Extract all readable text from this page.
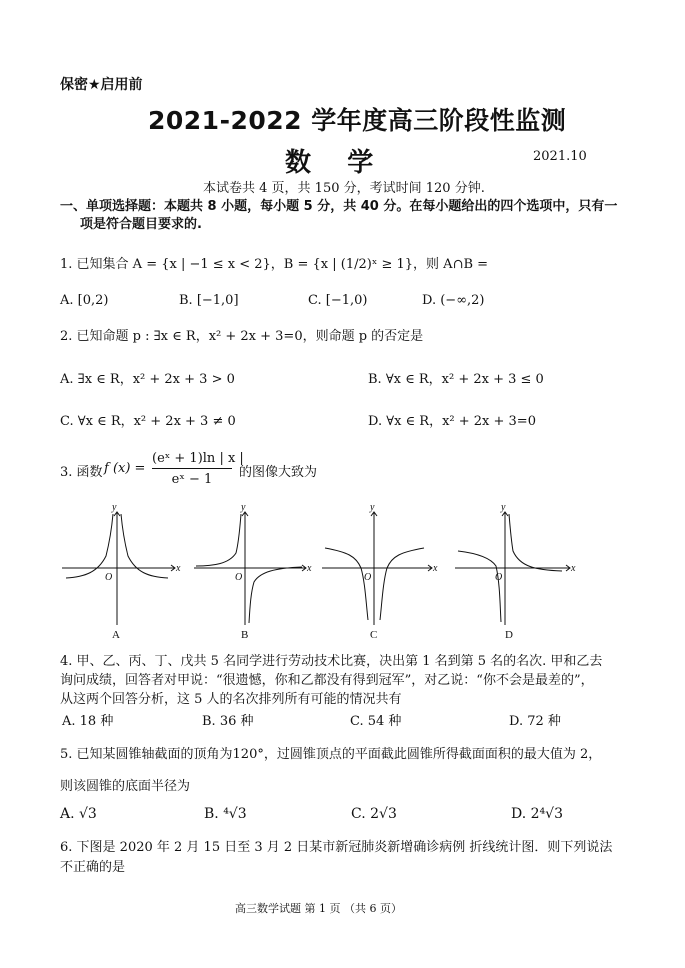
保密★启用前
2021-2022 学年度高三阶段性监测
数    学	2021.10
本试卷共 4 页，共 150 分，考试时间 120 分钟.
一、单项选择题：本题共 8 小题，每小题 5 分，共 40 分。在每小题给出的四个选项中，只有一
项是符合题目要求的.
1. 已知集合 A = {x | −1 ≤ x < 2}，B = {x | (1/2)ˣ ≥ 1}，则 A∩B =
A. [0,2)	B. [−1,0]	C. [−1,0)	D. (−∞,2)
2. 已知命题 p : ∃x ∈ R，x² + 2x + 3=0，则命题 p 的否定是
A. ∃x ∈ R，x² + 2x + 3 > 0	B. ∀x ∈ R，x² + 2x + 3 ≤ 0
C. ∀x ∈ R，x² + 2x + 3 ≠ 0	D. ∀x ∈ R，x² + 2x + 3=0
3. 函数 f (x) =
(eˣ + 1)ln | x |
eˣ − 1	的图像大致为
y
x
O
y
x
O
y
x
O
y
x
O
A	B	C	D
4. 甲、乙、丙、丁、戊共 5 名同学进行劳动技术比赛，决出第 1 名到第 5 名的名次. 甲和乙去
询问成绩，回答者对甲说：“很遗憾，你和乙都没有得到冠军”，对乙说：“你不会是最差的”，
从这两个回答分析，这 5 人的名次排列所有可能的情况共有
A. 18 种	B. 36 种	C. 54 种	D. 72 种
5. 已知某圆锥轴截面的顶角为120°，过圆锥顶点的平面截此圆锥所得截面面积的最大值为 2，
则该圆锥的底面半径为
A. √3	B. ⁴√3	C. 2√3	D. 2⁴√3
6. 下图是 2020 年 2 月 15 日至 3 月 2 日某市新冠肺炎新增确诊病例 折线统计图．则下列说法
不正确的是
高三数学试题 第 1 页 （共 6 页）
